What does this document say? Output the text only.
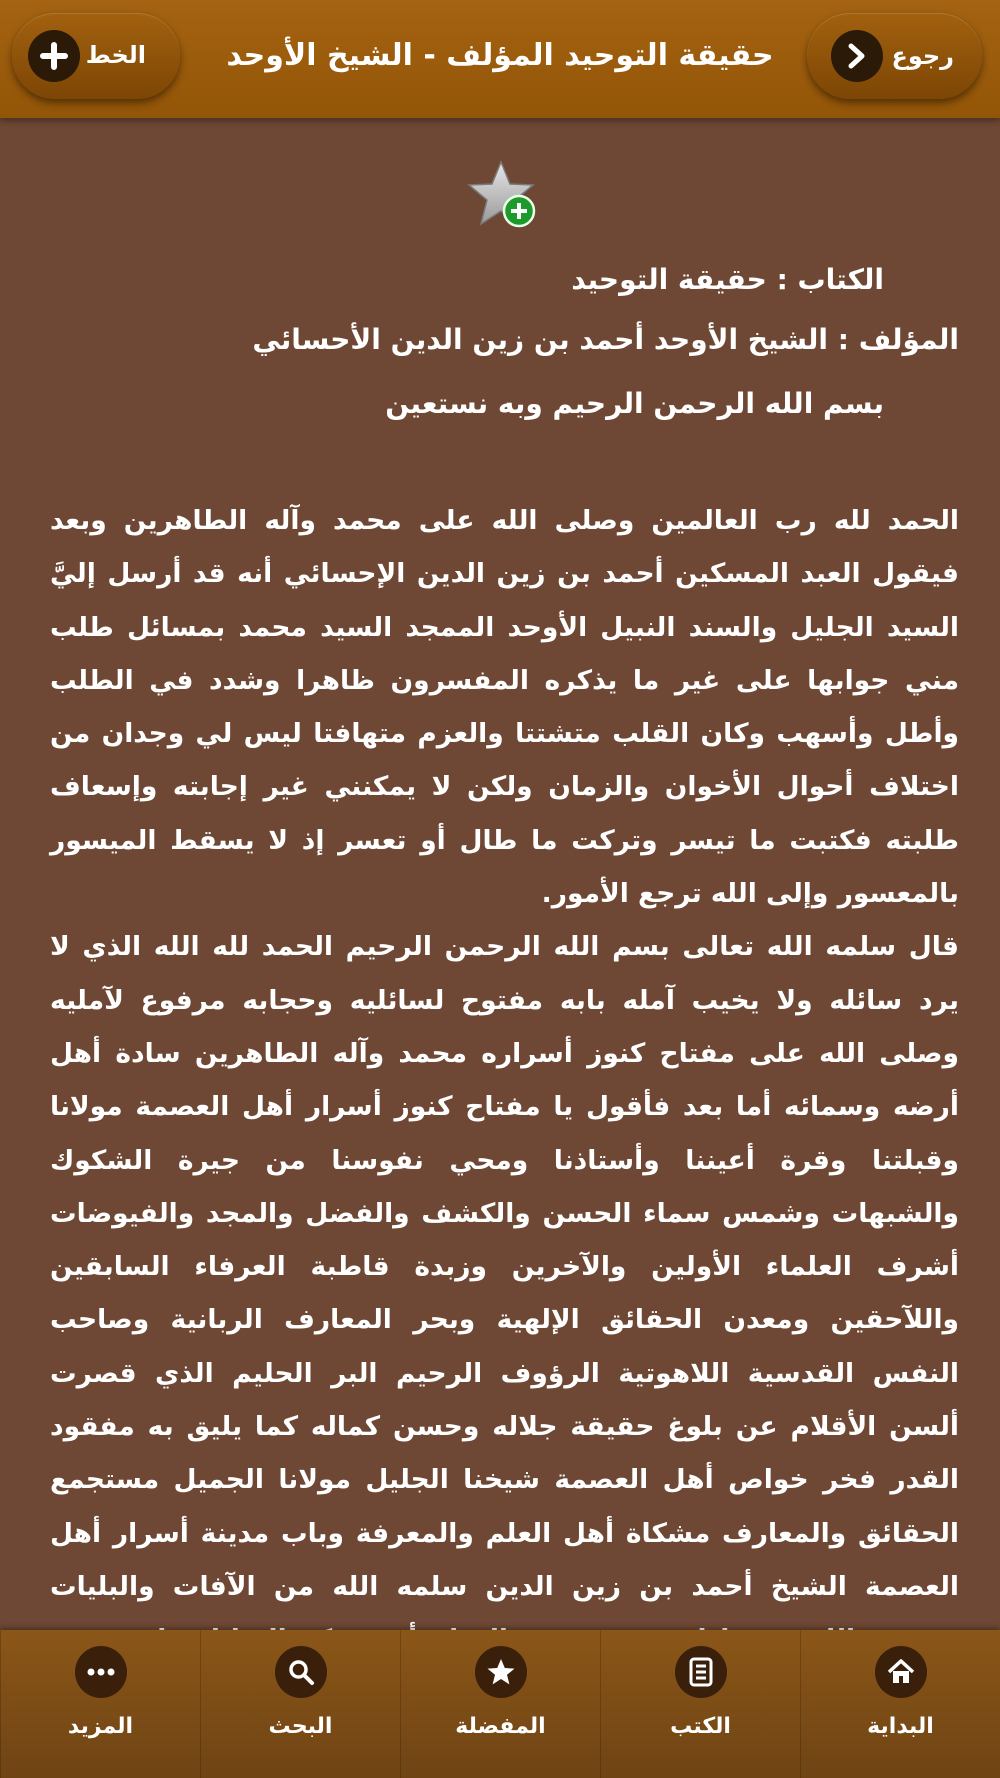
رجوع
حقيقة التوحيد المؤلف - الشيخ الأوحد
الخط
الكتاب : حقيقة التوحيد
المؤلف : الشيخ الأوحد أحمد بن زين الدين الأحسائي
بسم الله الرحمن الرحيم وبه نستعين

الحمد لله رب العالمين وصلى الله على محمد وآله الطاهرين وبعد فيقول العبد المسكين أحمد بن زين الدين الإحسائي أنه قد أرسل إليَّ السيد الجليل والسند النبيل الأوحد الممجد السيد محمد بمسائل طلب مني جوابها على غير ما يذكره المفسرون ظاهرا وشدد في الطلب وأطل وأسهب وكان القلب متشتتا والعزم متهافتا ليس لي وجدان من اختلاف أحوال الأخوان والزمان ولكن لا يمكنني غير إجابته وإسعاف طلبته فكتبت ما تيسر وتركت ما طال أو تعسر إذ لا يسقط الميسور بالمعسور وإلى الله ترجع الأمور.

قال سلمه الله تعالى بسم الله الرحمن الرحيم الحمد لله الله الذي لا يرد سائله ولا يخيب آمله بابه مفتوح لسائليه وحجابه مرفوع لآمليه وصلى الله على مفتاح كنوز أسراره محمد وآله الطاهرين سادة أهل أرضه وسمائه أما بعد فأقول يا مفتاح كنوز أسرار أهل العصمة مولانا وقبلتنا وقرة أعيننا وأستاذنا ومحي نفوسنا من جيرة الشكوك والشبهات وشمس سماء الحسن والكشف والفضل والمجد والفيوضات أشرف العلماء الأولين والآخرين وزبدة قاطبة العرفاء السابقين واللآحقين ومعدن الحقائق الإلهية وبحر المعارف الربانية وصاحب النفس القدسية اللاهوتية الرؤوف الرحيم البر الحليم الذي قصرت ألسن الأقلام عن بلوغ حقيقة جلاله وحسن كماله كما يليق به مفقود القدر فخر خواص أهل العصمة شيخنا الجليل مولانا الجميل مستجمع الحقائق والمعارف مشكاة أهل العلم والمعرفة وباب مدينة أسرار أهل العصمة الشيخ أحمد بن زين الدين سلمه الله من الآفات والبليات

البداية
الكتب
المفضلة
البحث
المزيد
